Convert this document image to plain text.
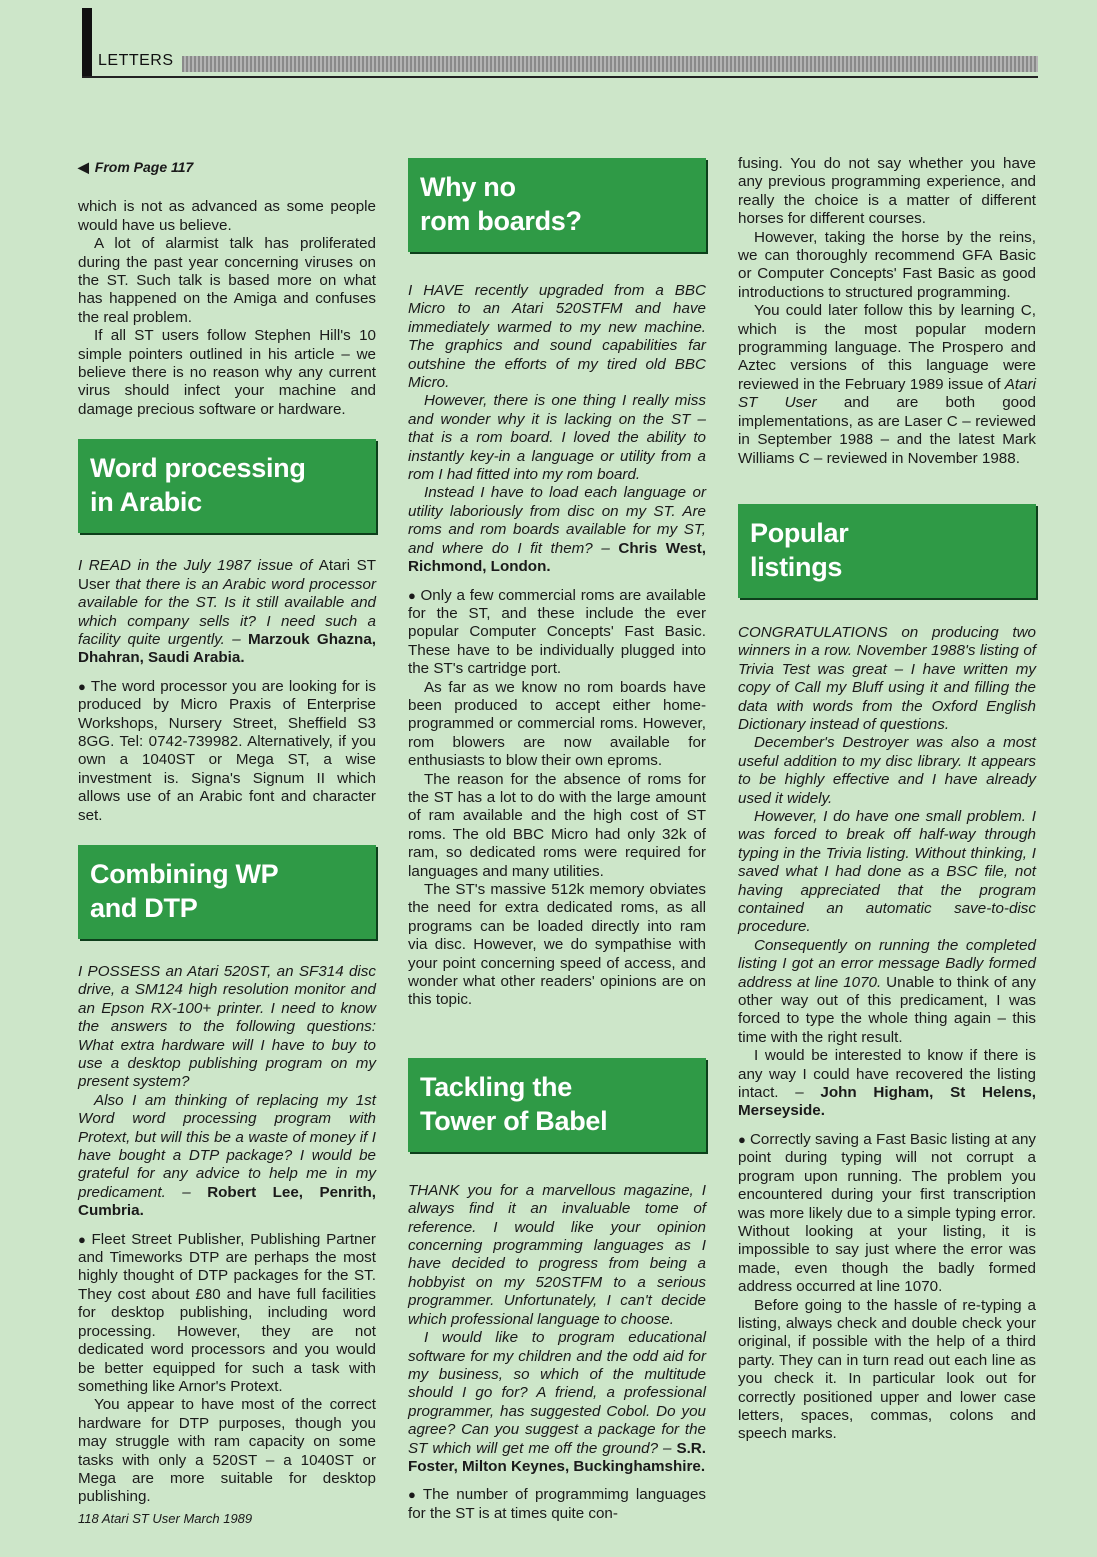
LETTERS
◀ From Page 117

which is not as advanced as some people would have us believe.

A lot of alarmist talk has proliferated during the past year concerning viruses on the ST. Such talk is based more on what has happened on the Amiga and confuses the real problem.

If all ST users follow Stephen Hill's 10 simple pointers outlined in his article – we believe there is no reason why any current virus should infect your machine and damage precious software or hardware.

Word processing
in Arabic

I READ in the July 1987 issue of Atari ST User that there is an Arabic word processor available for the ST. Is it still available and which company sells it? I need such a facility quite urgently. – Marzouk Ghazna, Dhahran, Saudi Arabia.

● The word processor you are looking for is produced by Micro Praxis of Enterprise Workshops, Nursery Street, Sheffield S3 8GG. Tel: 0742-739982. Alternatively, if you own a 1040ST or Mega ST, a wise investment is. Signa's Signum II which allows use of an Arabic font and character set.

Combining WP
and DTP

I POSSESS an Atari 520ST, an SF314 disc drive, a SM124 high resolution monitor and an Epson RX-100+ printer. I need to know the answers to the following questions: What extra hardware will I have to buy to use a desktop publishing program on my present system?

Also I am thinking of replacing my 1st Word word processing program with Protext, but will this be a waste of money if I have bought a DTP package? I would be grateful for any advice to help me in my predicament. – Robert Lee, Penrith, Cumbria.

● Fleet Street Publisher, Publishing Partner and Timeworks DTP are perhaps the most highly thought of DTP packages for the ST. They cost about £80 and have full facilities for desktop publishing, including word processing. However, they are not dedicated word processors and you would be better equipped for such a task with something like Arnor's Protext.

You appear to have most of the correct hardware for DTP purposes, though you may struggle with ram capacity on some tasks with only a 520ST – a 1040ST or Mega are more suitable for desktop publishing.

Why no
rom boards?

I HAVE recently upgraded from a BBC Micro to an Atari 520STFM and have immediately warmed to my new machine. The graphics and sound capabilities far outshine the efforts of my tired old BBC Micro.

However, there is one thing I really miss and wonder why it is lacking on the ST – that is a rom board. I loved the ability to instantly key-in a language or utility from a rom I had fitted into my rom board.

Instead I have to load each language or utility laboriously from disc on my ST. Are roms and rom boards available for my ST, and where do I fit them? – Chris West, Richmond, London.

● Only a few commercial roms are available for the ST, and these include the ever popular Computer Concepts' Fast Basic. These have to be individually plugged into the ST's cartridge port.

As far as we know no rom boards have been produced to accept either home-programmed or commercial roms. However, rom blowers are now available for enthusiasts to blow their own eproms.

The reason for the absence of roms for the ST has a lot to do with the large amount of ram available and the high cost of ST roms. The old BBC Micro had only 32k of ram, so dedicated roms were required for languages and many utilities.

The ST's massive 512k memory obviates the need for extra dedicated roms, as all programs can be loaded directly into ram via disc. However, we do sympathise with your point concerning speed of access, and wonder what other readers' opinions are on this topic.

Tackling the
Tower of Babel

THANK you for a marvellous magazine, I always find it an invaluable tome of reference. I would like your opinion concerning programming languages as I have decided to progress from being a hobbyist on my 520STFM to a serious programmer. Unfortunately, I can't decide which professional language to choose.

I would like to program educational software for my children and the odd aid for my business, so which of the multitude should I go for? A friend, a professional programmer, has suggested Cobol. Do you agree? Can you suggest a package for the ST which will get me off the ground? – S.R. Foster, Milton Keynes, Buckinghamshire.

● The number of programmimg languages for the ST is at times quite con-

fusing. You do not say whether you have any previous programming experience, and really the choice is a matter of different horses for different courses.

However, taking the horse by the reins, we can thoroughly recommend GFA Basic or Computer Concepts' Fast Basic as good introductions to structured programming.

You could later follow this by learning C, which is the most popular modern programming language. The Prospero and Aztec versions of this language were reviewed in the February 1989 issue of Atari ST User and are both good implementations, as are Laser C – reviewed in September 1988 – and the latest Mark Williams C – reviewed in November 1988.

Popular
listings

CONGRATULATIONS on producing two winners in a row. November 1988's listing of Trivia Test was great – I have written my copy of Call my Bluff using it and filling the data with words from the Oxford English Dictionary instead of questions.

December's Destroyer was also a most useful addition to my disc library. It appears to be highly effective and I have already used it widely.

However, I do have one small problem. I was forced to break off half-way through typing in the Trivia listing. Without thinking, I saved what I had done as a BSC file, not having appreciated that the program contained an automatic save-to-disc procedure.

Consequently on running the completed listing I got an error message Badly formed address at line 1070. Unable to think of any other way out of this predicament, I was forced to type the whole thing again – this time with the right result.

I would be interested to know if there is any way I could have recovered the listing intact. – John Higham, St Helens, Merseyside.

● Correctly saving a Fast Basic listing at any point during typing will not corrupt a program upon running. The problem you encountered during your first transcription was more likely due to a simple typing error. Without looking at your listing, it is impossible to say just where the error was made, even though the badly formed address occurred at line 1070.

Before going to the hassle of re-typing a listing, always check and double check your original, if possible with the help of a third party. They can in turn read out each line as you check it. In particular look out for correctly positioned upper and lower case letters, spaces, commas, colons and speech marks.

118 Atari ST User March 1989
